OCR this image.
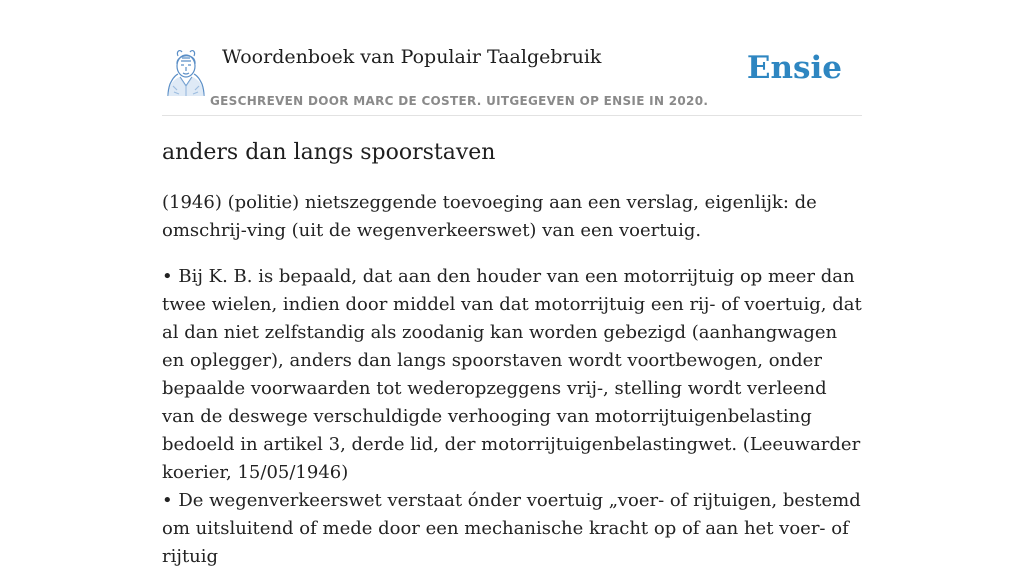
Woordenboek van Populair Taalgebruik
GESCHREVEN DOOR MARC DE COSTER. UITGEGEVEN OP ENSIE IN 2020.
Ensie
anders dan langs spoorstaven

(1946) (politie) nietszeggende toevoeging aan een verslag, eigenlijk: de omschrij-ving (uit de wegenverkeerswet) van een voertuig.

• Bij K. B. is bepaald, dat aan den houder van een motorrijtuig op meer dan twee wielen, indien door middel van dat motorrijtuig een rij- of voertuig, dat al dan niet zelfstandig als zoodanig kan worden gebezigd (aanhangwagen en oplegger), anders dan langs spoorstaven wordt voortbewogen, onder bepaalde voorwaarden tot wederopzeggens vrij-, stelling wordt verleend van de deswege verschuldigde verhooging van motorrijtuigenbelasting bedoeld in artikel 3, derde lid, der motorrijtuigenbelastingwet. (Leeuwarder koerier, 15/05/1946)

• De wegenverkeerswet verstaat ónder voertuig „voer- of rijtuigen, bestemd om uitsluitend of mede door een mechanische kracht op of aan het voer- of rijtuig
